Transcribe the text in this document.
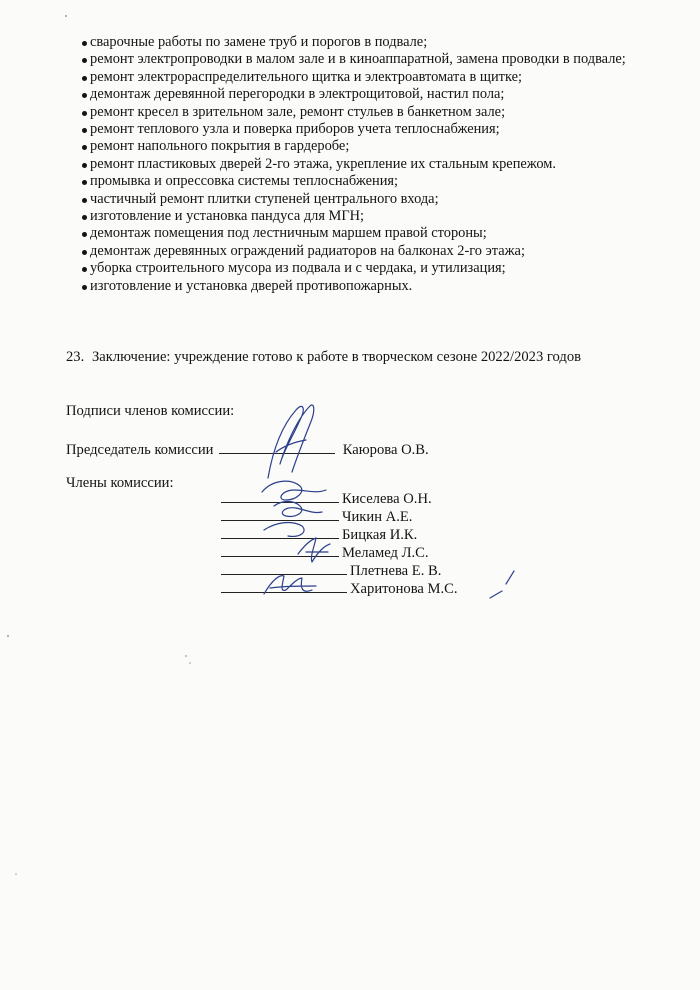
сварочные работы по замене труб и порогов в подвале;
ремонт электропроводки в малом зале и в киноаппаратной, замена проводки в подвале;
ремонт электрораспределительного щитка и электроавтомата в щитке;
демонтаж деревянной перегородки в электрощитовой, настил пола;
ремонт кресел в зрительном зале, ремонт стульев в банкетном зале;
ремонт теплового узла и поверка приборов учета теплоснабжения;
ремонт напольного покрытия в гардеробе;
ремонт пластиковых дверей 2-го этажа, укрепление их стальным крепежом.
промывка и опрессовка системы теплоснабжения;
частичный ремонт плитки ступеней центрального входа;
изготовление и установка пандуса для МГН;
демонтаж помещения под лестничным маршем правой стороны;
демонтаж деревянных ограждений радиаторов на балконах 2-го этажа;
уборка строительного мусора из подвала и с чердака, и утилизация;
изготовление и установка дверей противопожарных.
23. Заключение: учреждение готово к работе в творческом сезоне 2022/2023 годов
Подписи членов комиссии:
Председатель комиссии	Каюрова О.В.
Члены комиссии:
Киселева О.Н.
Чикин А.Е.
Бицкая И.К.
Меламед Л.С.
Плетнева Е. В.
Харитонова М.С.
